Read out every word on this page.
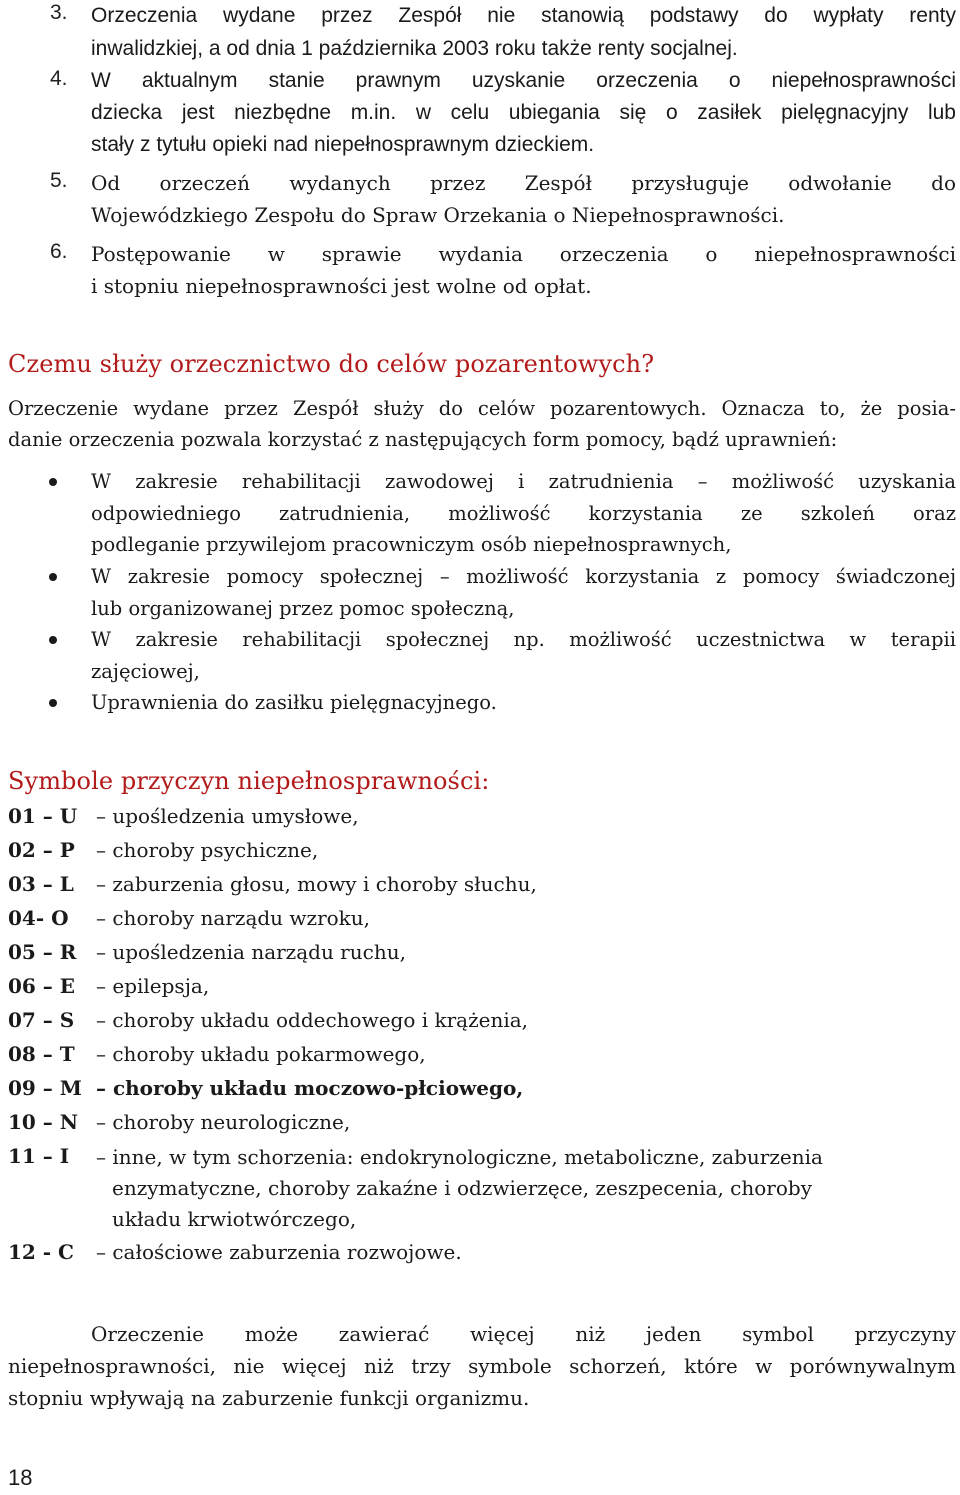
3. Orzeczenia wydane przez Zespół nie stanowią podstawy do wypłaty renty
inwalidzkiej, a od dnia 1 października 2003 roku także renty socjalnej.
4. W aktualnym stanie prawnym uzyskanie orzeczenia o niepełnosprawności
dziecka jest niezbędne m.in. w celu ubiegania się o zasiłek pielęgnacyjny lub
stały z tytułu opieki nad niepełnosprawnym dzieckiem.
5. Od orzeczeń wydanych przez Zespół przysługuje odwołanie do
Wojewódzkiego Zespołu do Spraw Orzekania o Niepełnosprawności.
6. Postępowanie w sprawie wydania orzeczenia o niepełnosprawności
i stopniu niepełnosprawności jest wolne od opłat.
Czemu służy orzecznictwo do celów pozarentowych?
Orzeczenie wydane przez Zespół służy do celów pozarentowych. Oznacza to, że posia-
danie orzeczenia pozwala korzystać z następujących form pomocy, bądź uprawnień:
W zakresie rehabilitacji zawodowej i zatrudnienia – możliwość uzyskania
odpowiedniego zatrudnienia, możliwość korzystania ze szkoleń oraz
podleganie przywilejom pracowniczym osób niepełnosprawnych,
W zakresie pomocy społecznej – możliwość korzystania z pomocy świadczonej
lub organizowanej przez pomoc społeczną,
W zakresie rehabilitacji społecznej np. możliwość uczestnictwa w terapii
zajęciowej,
Uprawnienia do zasiłku pielęgnacyjnego.
Symbole przyczyn niepełnosprawności:
01 – U – upośledzenia umysłowe,
02 – P – choroby psychiczne,
03 – L – zaburzenia głosu, mowy i choroby słuchu,
04- O – choroby narządu wzroku,
05 – R – upośledzenia narządu ruchu,
06 – E – epilepsja,
07 – S – choroby układu oddechowego i krążenia,
08 – T – choroby układu pokarmowego,
09 – M – choroby układu moczowo-płciowego,
10 – N – choroby neurologiczne,
11 – I – inne, w tym schorzenia: endokrynologiczne, metaboliczne, zaburzenia
enzymatyczne, choroby zakaźne i odzwierzęce, zeszpecenia, choroby
układu krwiotwórczego,
12 - C – całościowe zaburzenia rozwojowe.
Orzeczenie może zawierać więcej niż jeden symbol przyczyny
niepełnosprawności, nie więcej niż trzy symbole schorzeń, które w porównywalnym
stopniu wpływają na zaburzenie funkcji organizmu.
18
